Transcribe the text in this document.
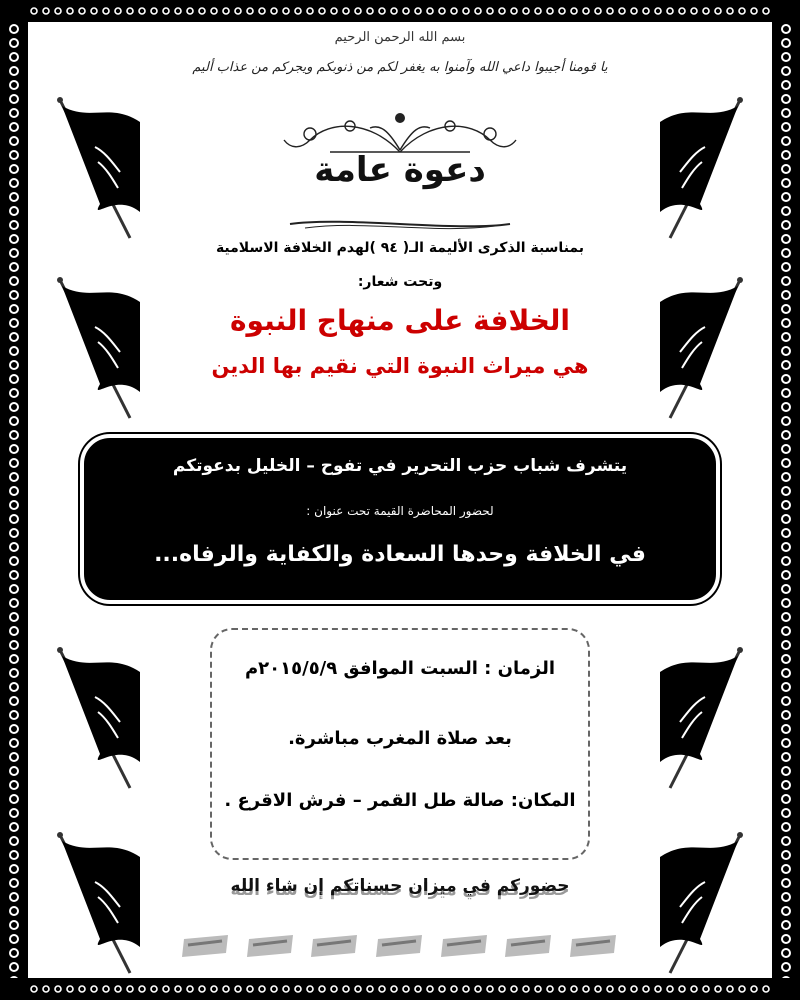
بسم الله الرحمن الرحيم
يا قومنا أجيبوا داعي الله وآمنوا به يغفر لكم من ذنوبكم ويجركم من عذاب أليم
دعوة عامة
بمناسبة الذكرى الأليمة الـ( ٩٤ )لهدم الخلافة الاسلامية
وتحت شعار:
الخلافة على منهاج النبوة
هي ميراث النبوة التي نقيم بها الدين
يتشرف شباب حزب التحرير في تفوح – الخليل بدعوتكم
لحضور المحاضرة القيمة تحت عنوان :
في الخلافة وحدها السعادة والكفاية والرفاه...
الزمان : السبت الموافق ٢٠١٥/٥/٩م
بعد صلاة المغرب مباشرة.
المكان: صالة طل القمر – فرش الاقرع .
حضوركم في ميزان حسناتكم إن شاء الله
